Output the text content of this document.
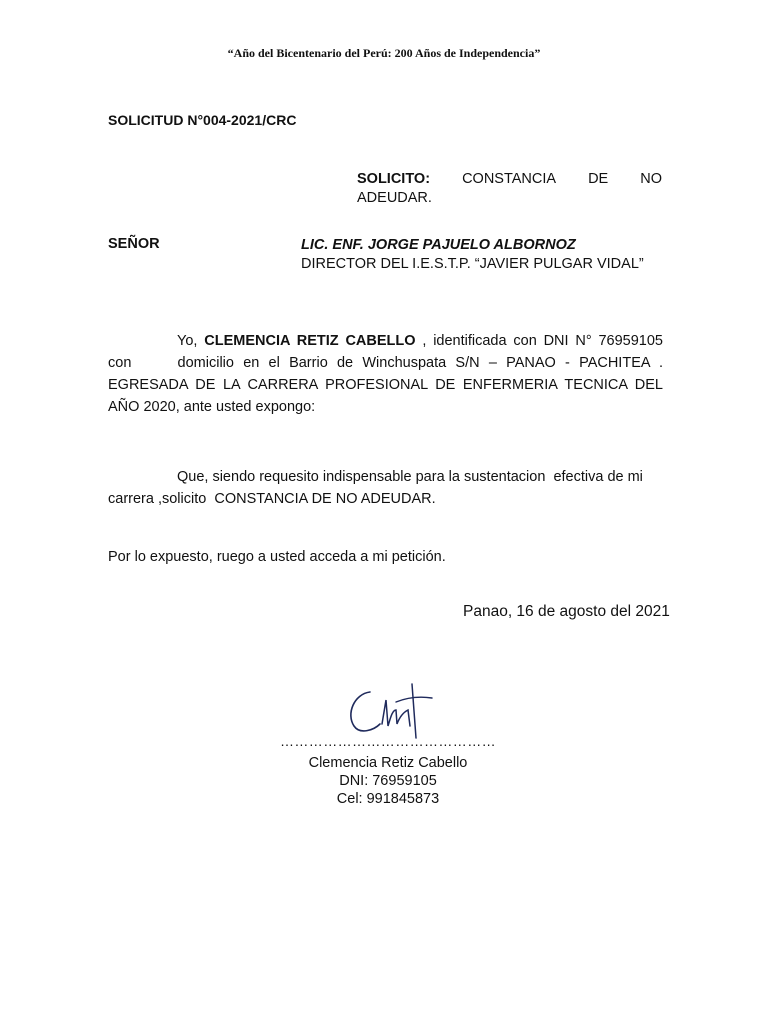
“Año del Bicentenario del Perú: 200 Años de Independencia”
SOLICITUD N°004-2021/CRC
SOLICITO: CONSTANCIA DE NO
ADEUDAR.
SEÑOR	LIC. ENF. JORGE PAJUELO ALBORNOZ
DIRECTOR DEL I.E.S.T.P. “JAVIER PULGAR VIDAL”
Yo, CLEMENCIA RETIZ CABELLO , identificada con DNI N° 76959105
con     domicilio en el Barrio de Winchuspata S/N – PANAO - PACHITEA .
EGRESADA DE LA CARRERA PROFESIONAL DE ENFERMERIA TECNICA DEL
AÑO 2020, ante usted expongo:
Que, siendo requesito indispensable para la sustentacion  efectiva de mi
carrera ,solicito  CONSTANCIA DE NO ADEUDAR.
Por lo expuesto, ruego a usted acceda a mi petición.
Panao, 16 de agosto del 2021
………………………………………
Clemencia Retiz Cabello
DNI: 76959105
Cel: 991845873
